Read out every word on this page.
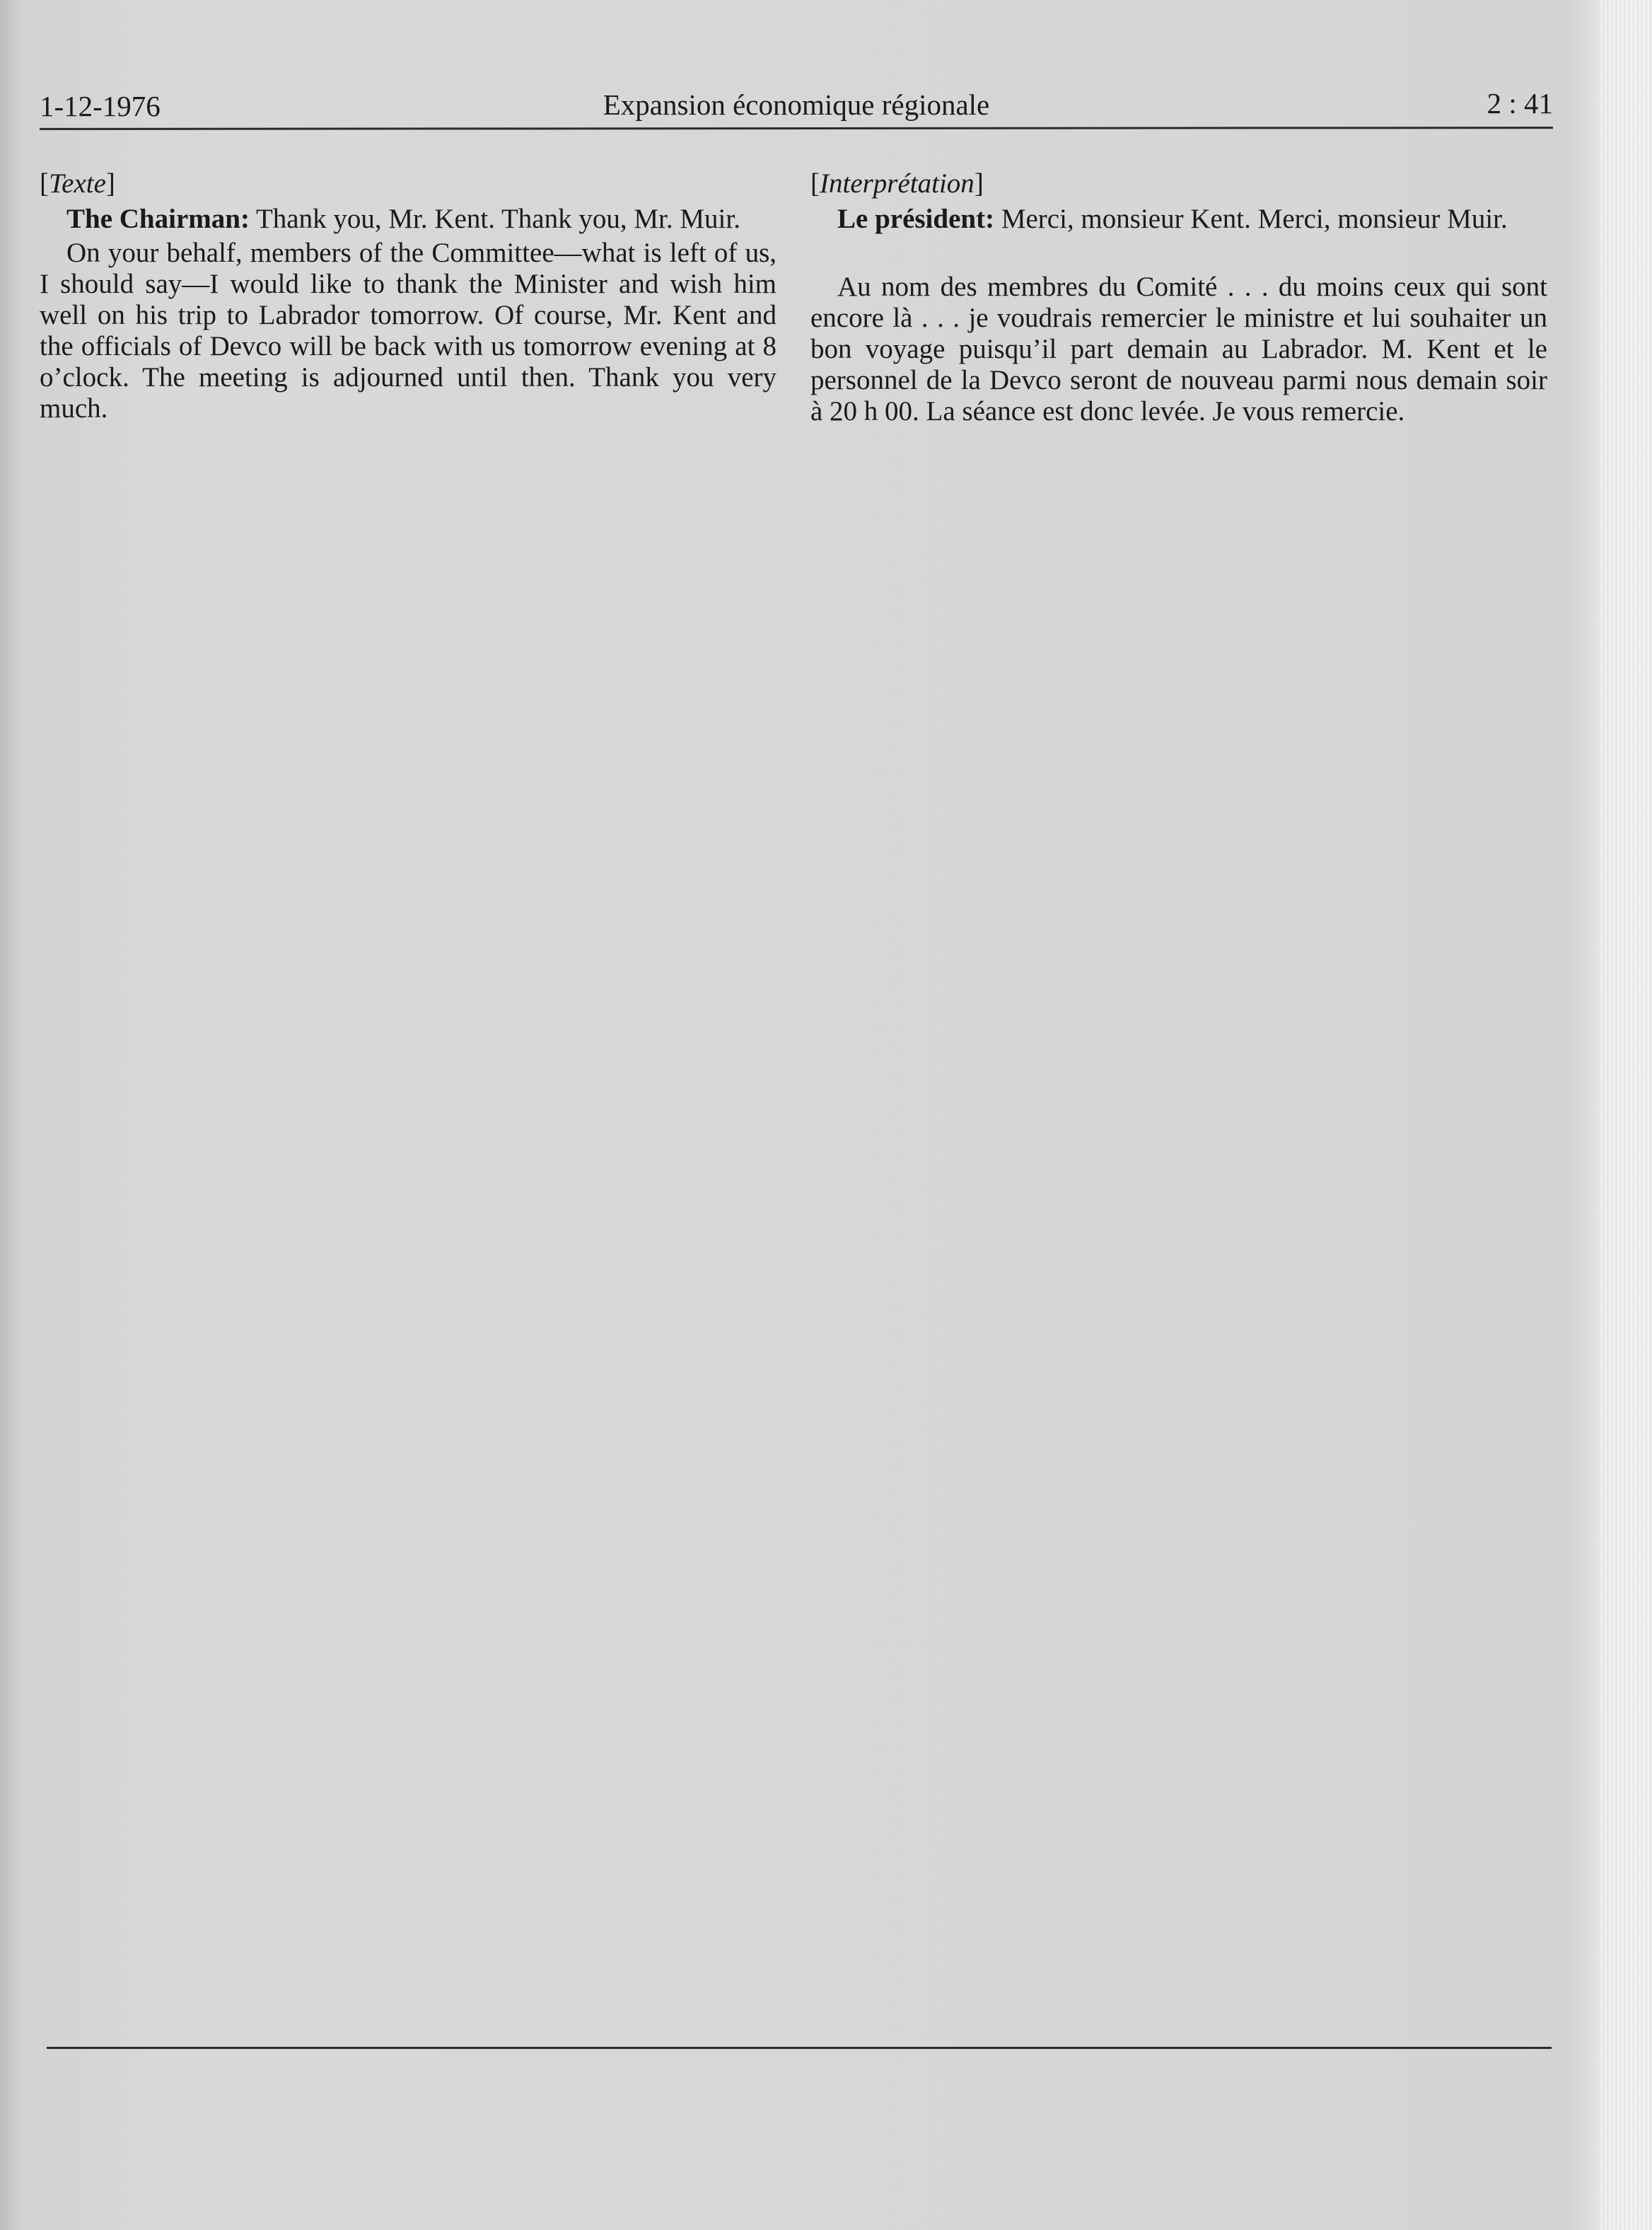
1-12-1976	Expansion économique régionale	2 : 41

[Texte]

The Chairman: Thank you, Mr. Kent. Thank you, Mr. Muir.

On your behalf, members of the Committee—what is left of us, I should say—I would like to thank the Minister and wish him well on his trip to Labrador tomorrow. Of course, Mr. Kent and the officials of Devco will be back with us tomorrow evening at 8 o’clock. The meeting is adjourned until then. Thank you very much.

[Interprétation]

Le président: Merci, monsieur Kent. Merci, monsieur Muir.

Au nom des membres du Comité . . . du moins ceux qui sont encore là . . . je voudrais remercier le ministre et lui souhaiter un bon voyage puisqu’il part demain au Labrador. M. Kent et le personnel de la Devco seront de nouveau parmi nous demain soir à 20 h 00. La séance est donc levée. Je vous remercie.
